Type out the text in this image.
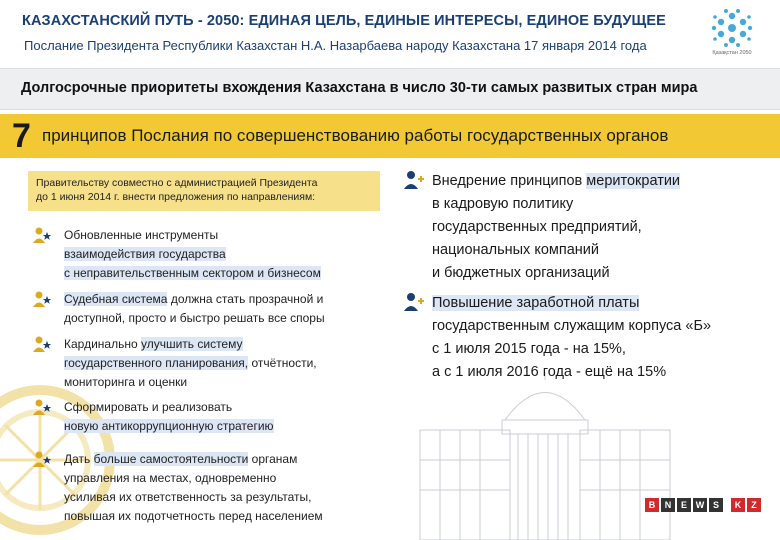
КАЗАХСТАНСКИЙ ПУТЬ - 2050: ЕДИНАЯ ЦЕЛЬ, ЕДИНЫЕ ИНТЕРЕСЫ, ЕДИНОЕ БУДУЩЕЕ
Послание Президента Республики Казахстан Н.А. Назарбаева народу Казахстана 17 января 2014 года	Қазақстан 2050
Долгосрочные приоритеты вхождения Казахстана в число 30-ти самых развитых стран мира
7 принципов Послания по совершенствованию работы государственных органов
Правительству совместно с администрацией Президента
до 1 июня 2014 г. внести предложения по направлениям:
Обновленные инструменты
взаимодействия государства
с неправительственным сектором и бизнесом
Судебная система должна стать прозрачной и
доступной, просто и быстро решать все споры
Кардинально улучшить систему
государственного планирования, отчётности,
мониторинга и оценки
Сформировать и реализовать
новую антикоррупционную стратегию
Дать больше самостоятельности органам
управления на местах, одновременно
усиливая их ответственность за результаты,
повышая их подотчетность перед населением
Внедрение принципов меритократии
в кадровую политику
государственных предприятий,
национальных компаний
и бюджетных организаций
Повышение заработной платы
государственным служащим корпуса «Б»
с 1 июля 2015 года - на 15%,
а с 1 июля 2016 года - ещё на 15%
B	N	E W S	K	Z
